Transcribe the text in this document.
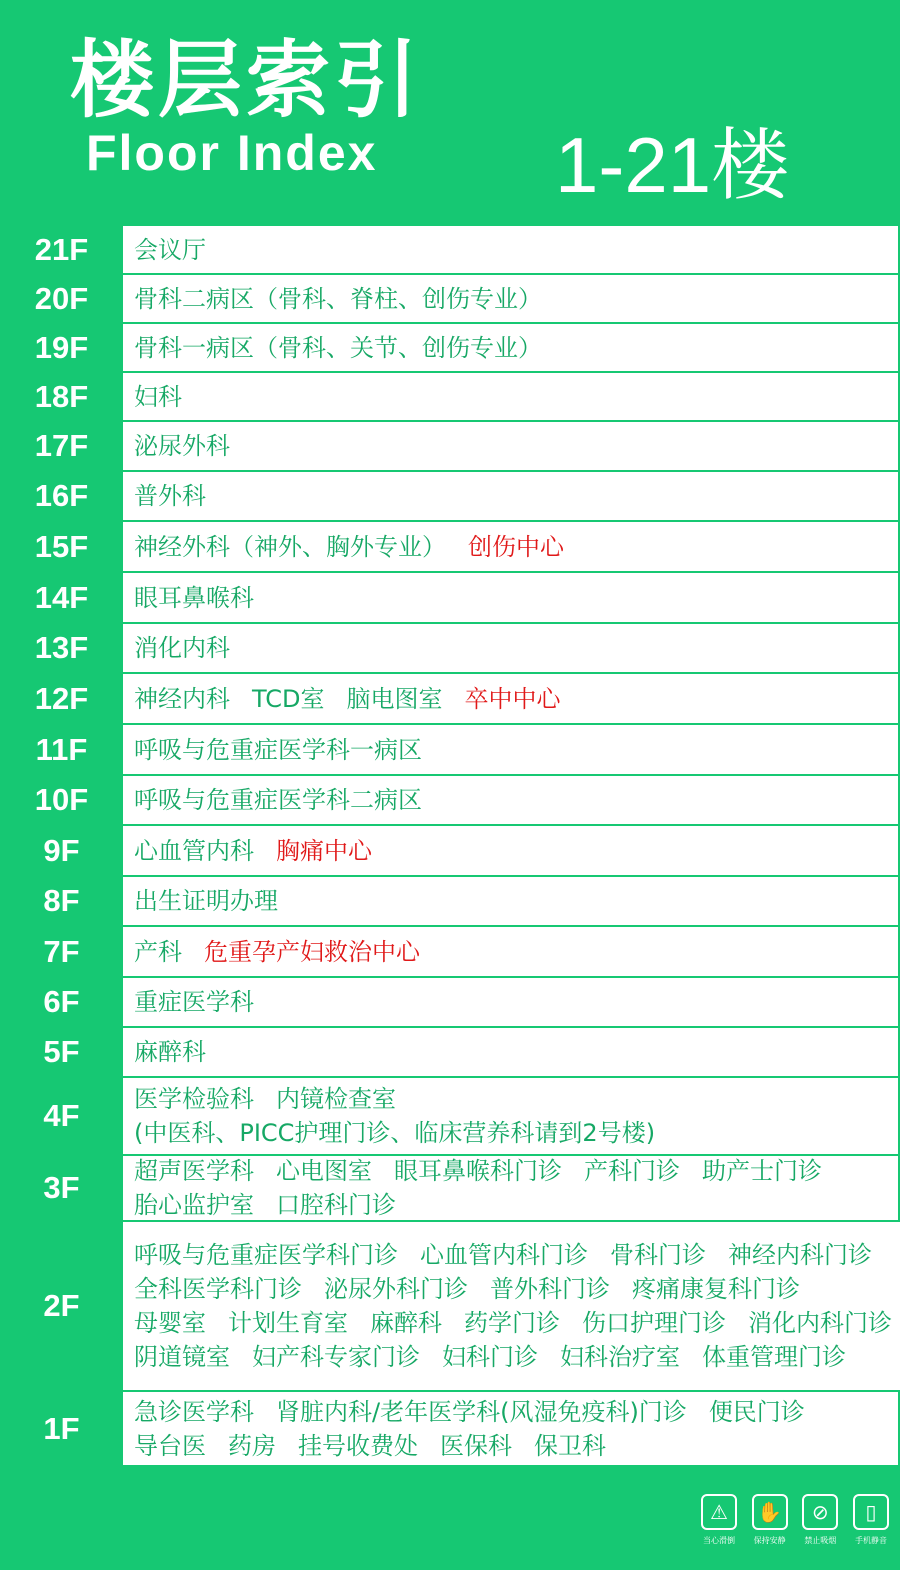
楼层索引
Floor Index 1-21楼
21F	会议厅
20F	骨科二病区（骨科、脊柱、创伤专业）
19F	骨科一病区（骨科、关节、创伤专业）
18F	妇科
17F	泌尿外科
16F	普外科
15F	神经外科（神外、胸外专业） 创伤中心
14F	眼耳鼻喉科
13F	消化内科
12F	神经内科 TCD室 脑电图室 卒中中心
11F	呼吸与危重症医学科一病区
10F	呼吸与危重症医学科二病区
9F	心血管内科 胸痛中心
8F	出生证明办理
7F	产科 危重孕产妇救治中心
6F	重症医学科
5F	麻醉科
4F	医学检验科 内镜检查室
(中医科、PICC护理门诊、临床营养科请到2号楼)
3F	超声医学科 心电图室 眼耳鼻喉科门诊 产科门诊 助产士门诊
胎心监护室 口腔科门诊
2F
呼吸与危重症医学科门诊 心血管内科门诊 骨科门诊 神经内科门诊
全科医学科门诊 泌尿外科门诊 普外科门诊 疼痛康复科门诊
母婴室 计划生育室 麻醉科 药学门诊 伤口护理门诊 消化内科门诊
阴道镜室 妇产科专家门诊 妇科门诊 妇科治疗室 体重管理门诊
1F	急诊医学科 肾脏内科/老年医学科(风湿免疫科)门诊 便民门诊
导台医 药房 挂号收费处 医保科 保卫科
⚠
当心滑倒
✋
保持安静
⊘
禁止吸烟
▯
手机静音
